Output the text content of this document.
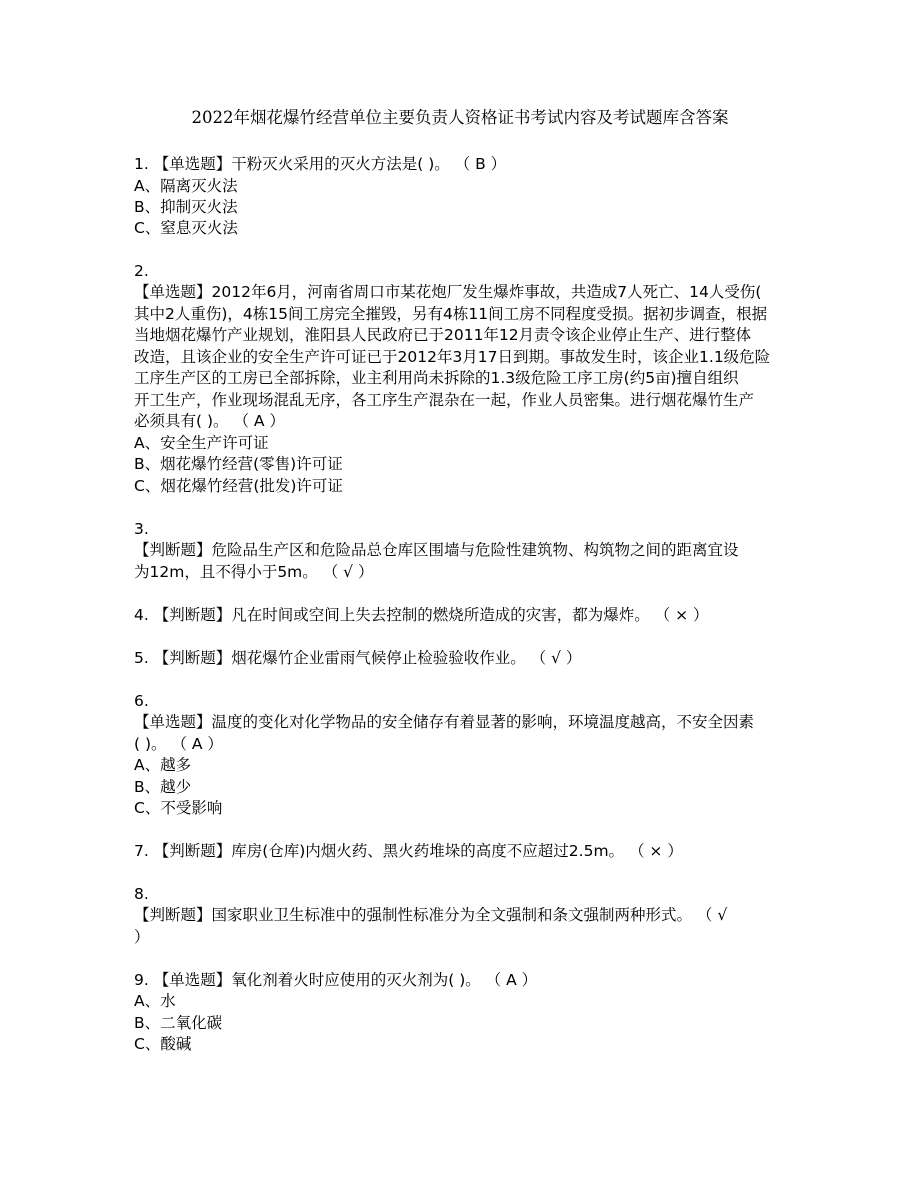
2022年烟花爆竹经营单位主要负责人资格证书考试内容及考试题库含答案
1. 【单选题】干粉灭火采用的灭火方法是( )。 （ B ）
A、隔离灭火法
B、抑制灭火法
C、窒息灭火法
2.
【单选题】2012年6月，河南省周口市某花炮厂发生爆炸事故，共造成7人死亡、14人受伤(
其中2人重伤)，4栋15间工房完全摧毁，另有4栋11间工房不同程度受损。据初步调查，根据
当地烟花爆竹产业规划，淮阳县人民政府已于2011年12月责令该企业停止生产、进行整体
改造，且该企业的安全生产许可证已于2012年3月17日到期。事故发生时，该企业1.1级危险
工序生产区的工房已全部拆除，业主利用尚未拆除的1.3级危险工序工房(约5亩)擅自组织
开工生产，作业现场混乱无序，各工序生产混杂在一起，作业人员密集。进行烟花爆竹生产
必须具有( )。 （ A ）
A、安全生产许可证
B、烟花爆竹经营(零售)许可证
C、烟花爆竹经营(批发)许可证
3.
【判断题】危险品生产区和危险品总仓库区围墙与危险性建筑物、构筑物之间的距离宜设
为12m，且不得小于5m。 （ √ ）
4. 【判断题】凡在时间或空间上失去控制的燃烧所造成的灾害，都为爆炸。 （ × ）
5. 【判断题】烟花爆竹企业雷雨气候停止检验验收作业。 （ √ ）
6.
【单选题】温度的变化对化学物品的安全储存有着显著的影响，环境温度越高，不安全因素
( )。 （ A ）
A、越多
B、越少
C、不受影响
7. 【判断题】库房(仓库)内烟火药、黑火药堆垛的高度不应超过2.5m。 （ × ）
8.
【判断题】国家职业卫生标准中的强制性标准分为全文强制和条文强制两种形式。 （ √
）
9. 【单选题】氧化剂着火时应使用的灭火剂为( )。 （ A ）
A、水
B、二氧化碳
C、酸碱
